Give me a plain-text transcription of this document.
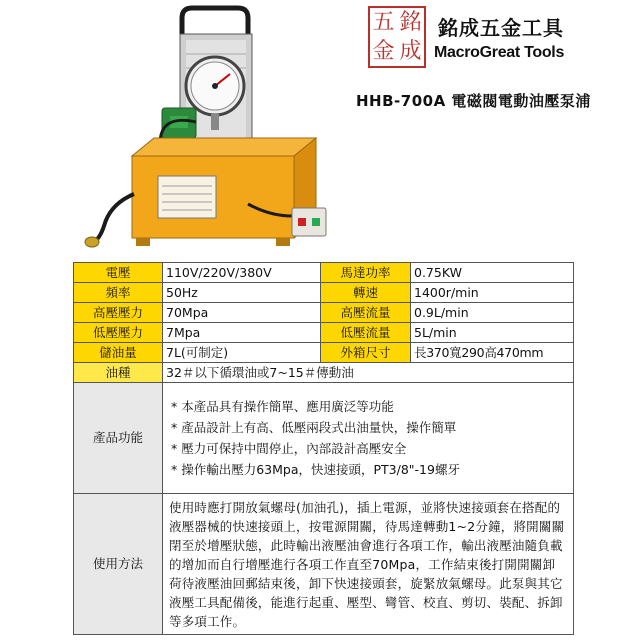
五 銘
金 成
銘成五金工具
MacroGreat Tools
HHB-700A 電磁閥電動油壓泵浦
電壓	110V/220V/380V	馬達功率	0.75KW
頻率	50Hz	轉速	1400r/min
高壓壓力	70Mpa	高壓流量	0.9L/min
低壓壓力	7Mpa	低壓流量	5L/min
儲油量	7L(可制定)	外箱尺寸	長370寬290高470mm
油種	32＃以下循環油或7~15＃傳動油		
產品功能	* 本產品具有操作簡單、應用廣泛等功能
* 產品設計上有高、低壓兩段式出油量快，操作簡單
* 壓力可保持中間停止，內部設計高壓安全
* 操作輸出壓力63Mpa，快速接頭，PT3/8"-19螺牙		

使用方法	使用時應打開放氣螺母(加油孔)，插上電源，並將快速接頭套在搭配的液壓器械的快速接頭上，按電源開關，待馬達轉動1~2分鐘，將開關關閉至於增壓狀態，此時輸出液壓油會進行各項工作，輸出液壓油隨負載的增加而自行增壓進行各項工作直至70Mpa，工作結束後打開開關卸荷待液壓油回郵結束後，卸下快速接頭套，旋緊放氣螺母。此泵與其它液壓工具配備後，能進行起重、壓型、彎管、校直、剪切、裝配、拆卸等多項工作。		
